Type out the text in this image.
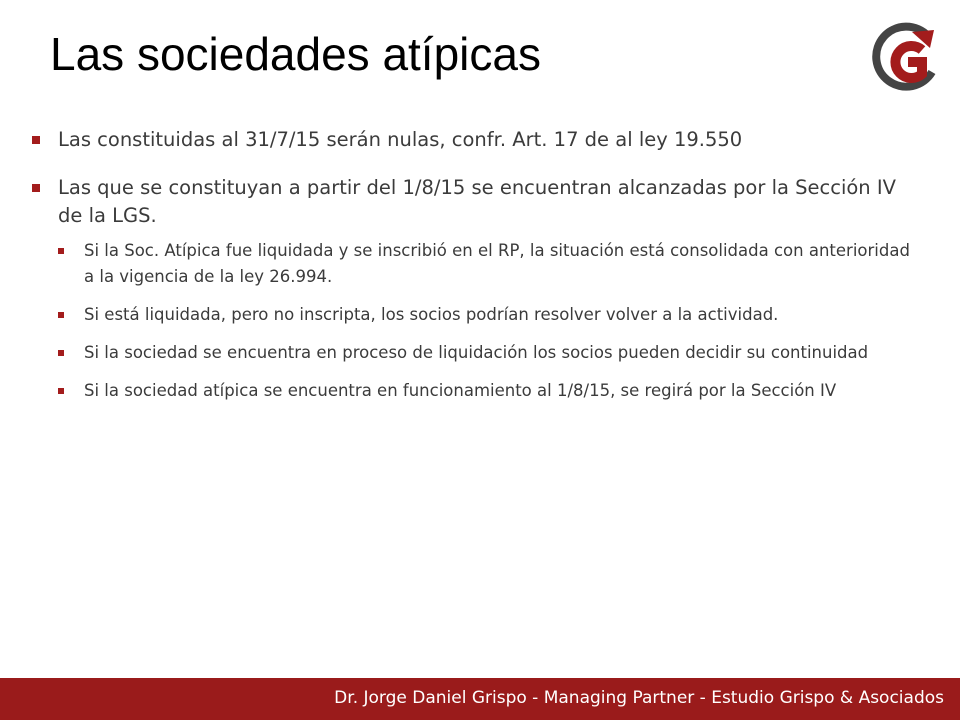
Las sociedades atípicas
Las constituidas al 31/7/15 serán nulas, confr. Art. 17 de al ley 19.550
Las que se constituyan a partir del 1/8/15 se encuentran alcanzadas por la Sección IV de la LGS.
Si la Soc. Atípica fue liquidada y se inscribió en el RP, la situación está consolidada con anterioridad a la vigencia de la ley 26.994.
Si está liquidada, pero no inscripta, los socios podrían resolver volver a la actividad.
Si la sociedad se encuentra en proceso de liquidación los socios pueden decidir su continuidad
Si la sociedad atípica se encuentra en funcionamiento al 1/8/15, se regirá por la Sección IV
Dr. Jorge Daniel Grispo - Managing Partner - Estudio Grispo & Asociados
